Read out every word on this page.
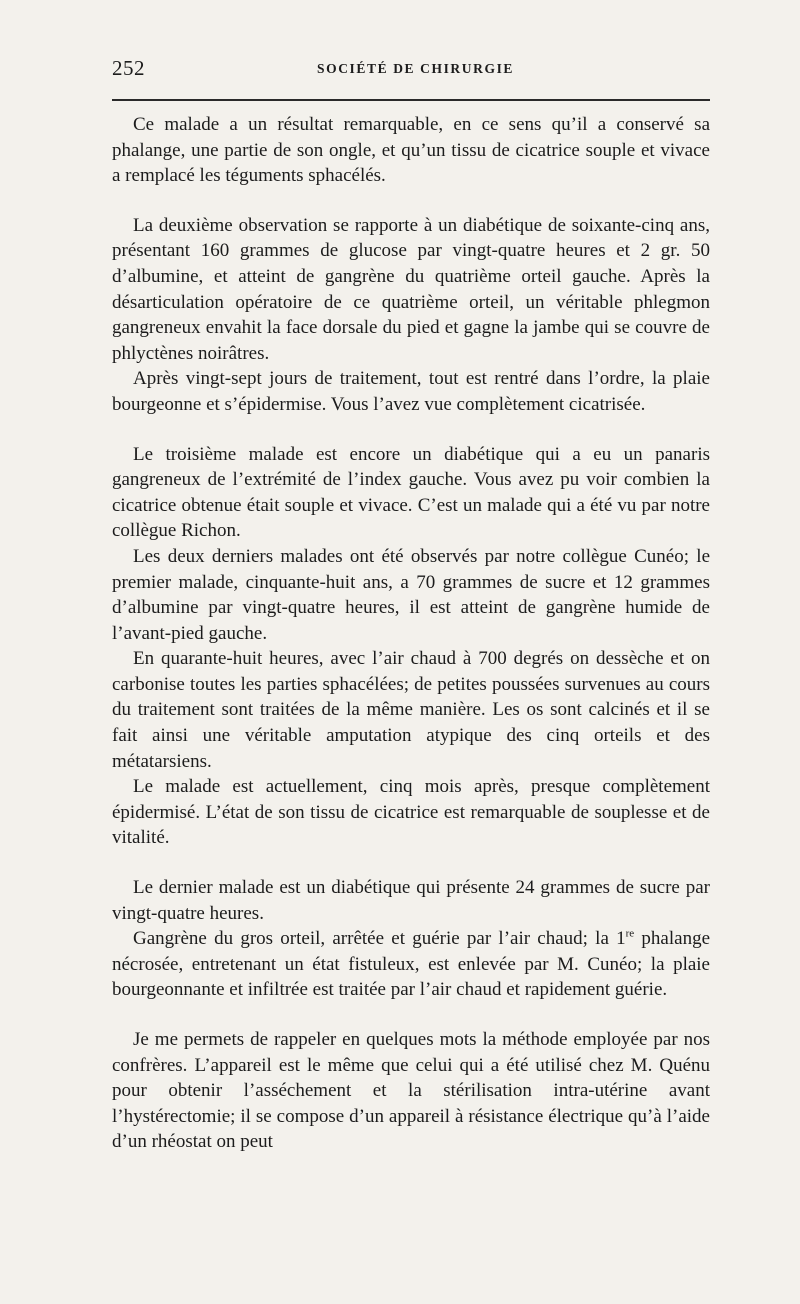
252	SOCIÉTÉ DE CHIRURGIE

Ce malade a un résultat remarquable, en ce sens qu’il a conservé sa phalange, une partie de son ongle, et qu’un tissu de cicatrice souple et vivace a remplacé les téguments sphacélés.

La deuxième observation se rapporte à un diabétique de soixante-cinq ans, présentant 160 grammes de glucose par vingt-quatre heures et 2 gr. 50 d’albumine, et atteint de gangrène du quatrième orteil gauche. Après la désarticulation opératoire de ce quatrième orteil, un véritable phlegmon gangreneux envahit la face dorsale du pied et gagne la jambe qui se couvre de phlyctènes noirâtres.

Après vingt-sept jours de traitement, tout est rentré dans l’ordre, la plaie bourgeonne et s’épidermise. Vous l’avez vue complètement cicatrisée.

Le troisième malade est encore un diabétique qui a eu un panaris gangreneux de l’extrémité de l’index gauche. Vous avez pu voir combien la cicatrice obtenue était souple et vivace. C’est un malade qui a été vu par notre collègue Richon.

Les deux derniers malades ont été observés par notre collègue Cunéo; le premier malade, cinquante-huit ans, a 70 grammes de sucre et 12 grammes d’albumine par vingt-quatre heures, il est atteint de gangrène humide de l’avant-pied gauche.

En quarante-huit heures, avec l’air chaud à 700 degrés on dessèche et on carbonise toutes les parties sphacélées; de petites poussées survenues au cours du traitement sont traitées de la même manière. Les os sont calcinés et il se fait ainsi une véritable amputation atypique des cinq orteils et des métatarsiens.

Le malade est actuellement, cinq mois après, presque complètement épidermisé. L’état de son tissu de cicatrice est remarquable de souplesse et de vitalité.

Le dernier malade est un diabétique qui présente 24 grammes de sucre par vingt-quatre heures.

Gangrène du gros orteil, arrêtée et guérie par l’air chaud; la 1re phalange nécrosée, entretenant un état fistuleux, est enlevée par M. Cunéo; la plaie bourgeonnante et infiltrée est traitée par l’air chaud et rapidement guérie.

Je me permets de rappeler en quelques mots la méthode employée par nos confrères. L’appareil est le même que celui qui a été utilisé chez M. Quénu pour obtenir l’asséchement et la stérilisation intra-utérine avant l’hystérectomie; il se compose d’un appareil à résistance électrique qu’à l’aide d’un rhéostat on peut
